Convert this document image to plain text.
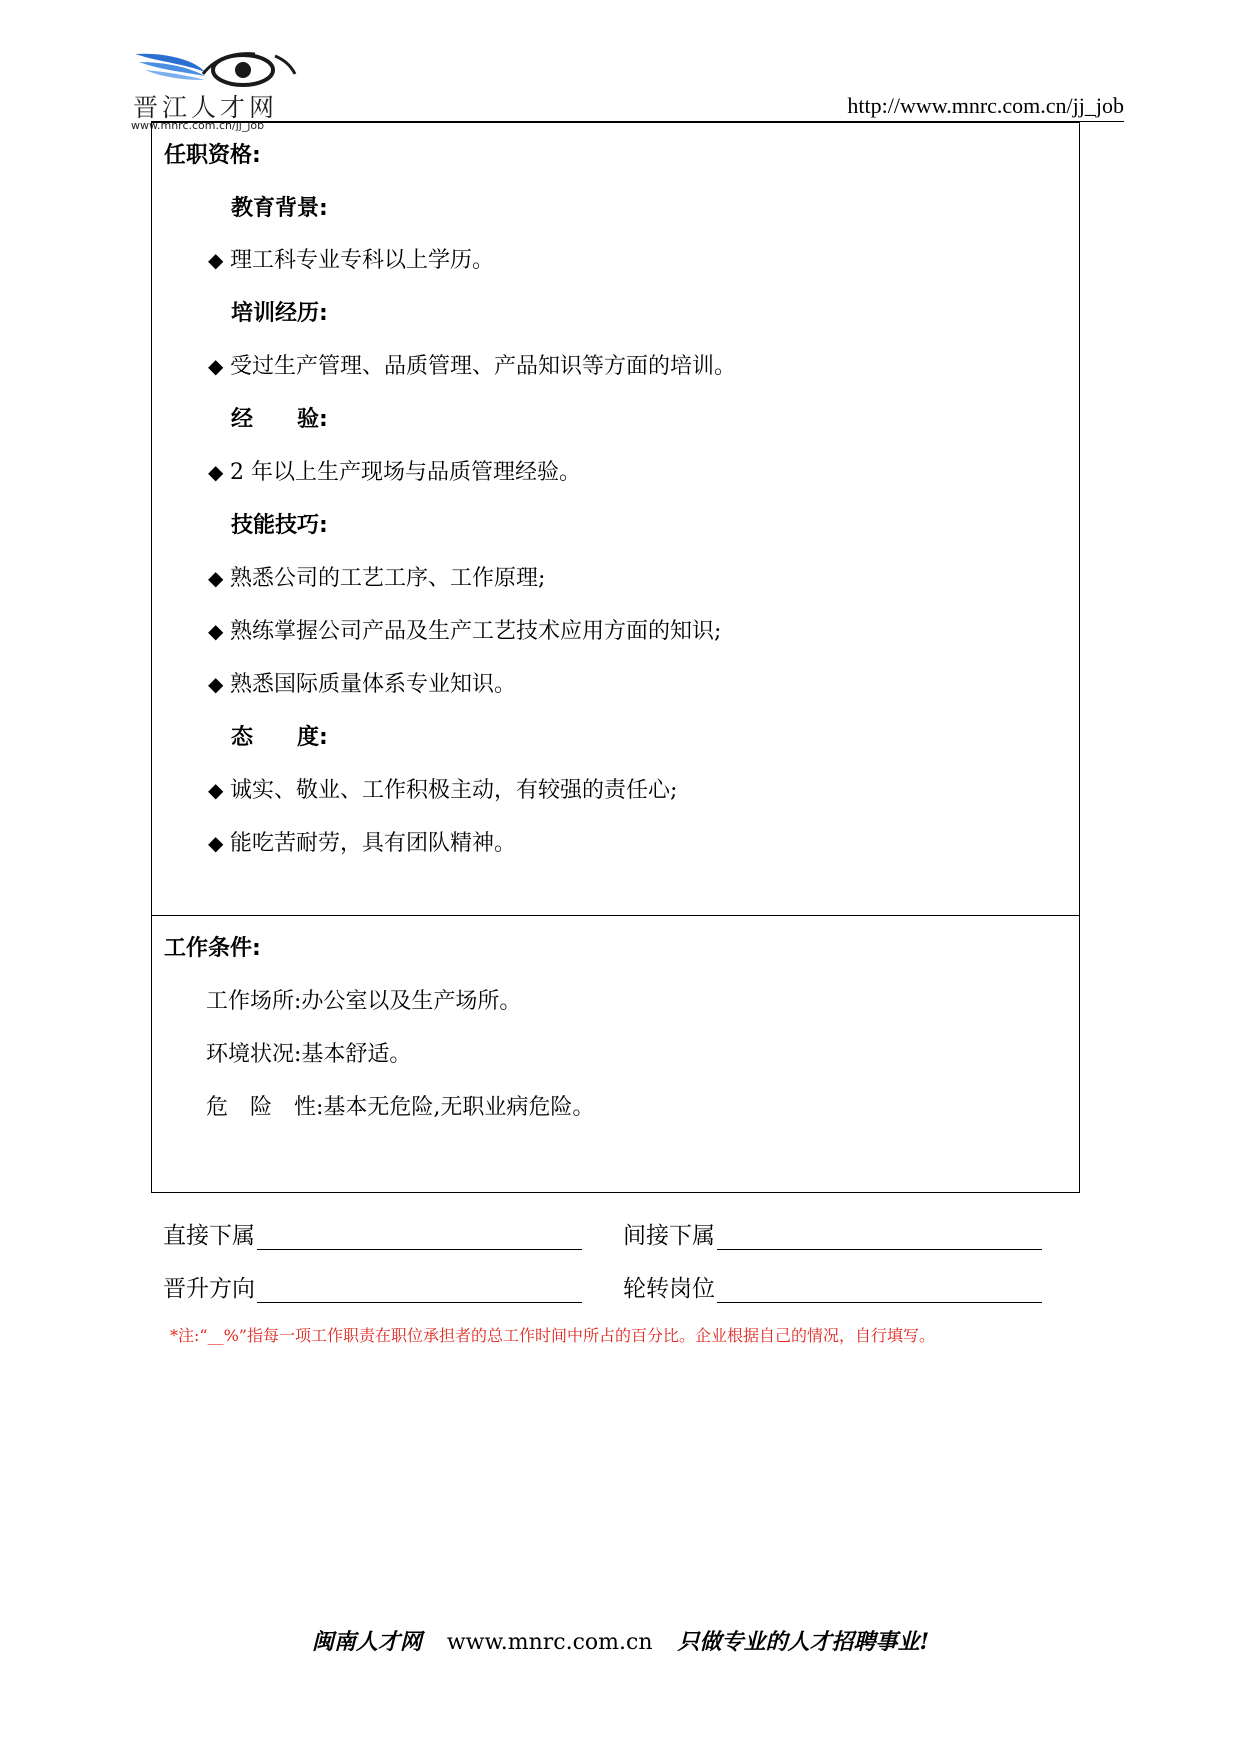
晋江人才网
www.mnrc.com.cn/jj_job
http://www.mnrc.com.cn/jj_job
任职资格:
教育背景:
◆ 理工科专业专科以上学历。
培训经历:
◆ 受过生产管理、品质管理、产品知识等方面的培训。
经　　验:
◆ 2 年以上生产现场与品质管理经验。
技能技巧:
◆ 熟悉公司的工艺工序、工作原理;
◆ 熟练掌握公司产品及生产工艺技术应用方面的知识;
◆ 熟悉国际质量体系专业知识。
态　　度:
◆ 诚实、敬业、工作积极主动，有较强的责任心;
◆ 能吃苦耐劳，具有团队精神。
工作条件:
工作场所:办公室以及生产场所。
环境状况:基本舒适。
危　险　性:基本无危险,无职业病危险。
直接下属	间接下属
晋升方向	轮转岗位
*注:“__%”指每一项工作职责在职位承担者的总工作时间中所占的百分比。企业根据自己的情况，自行填写。
闽南人才网 www.mnrc.com.cn 只做专业的人才招聘事业!
